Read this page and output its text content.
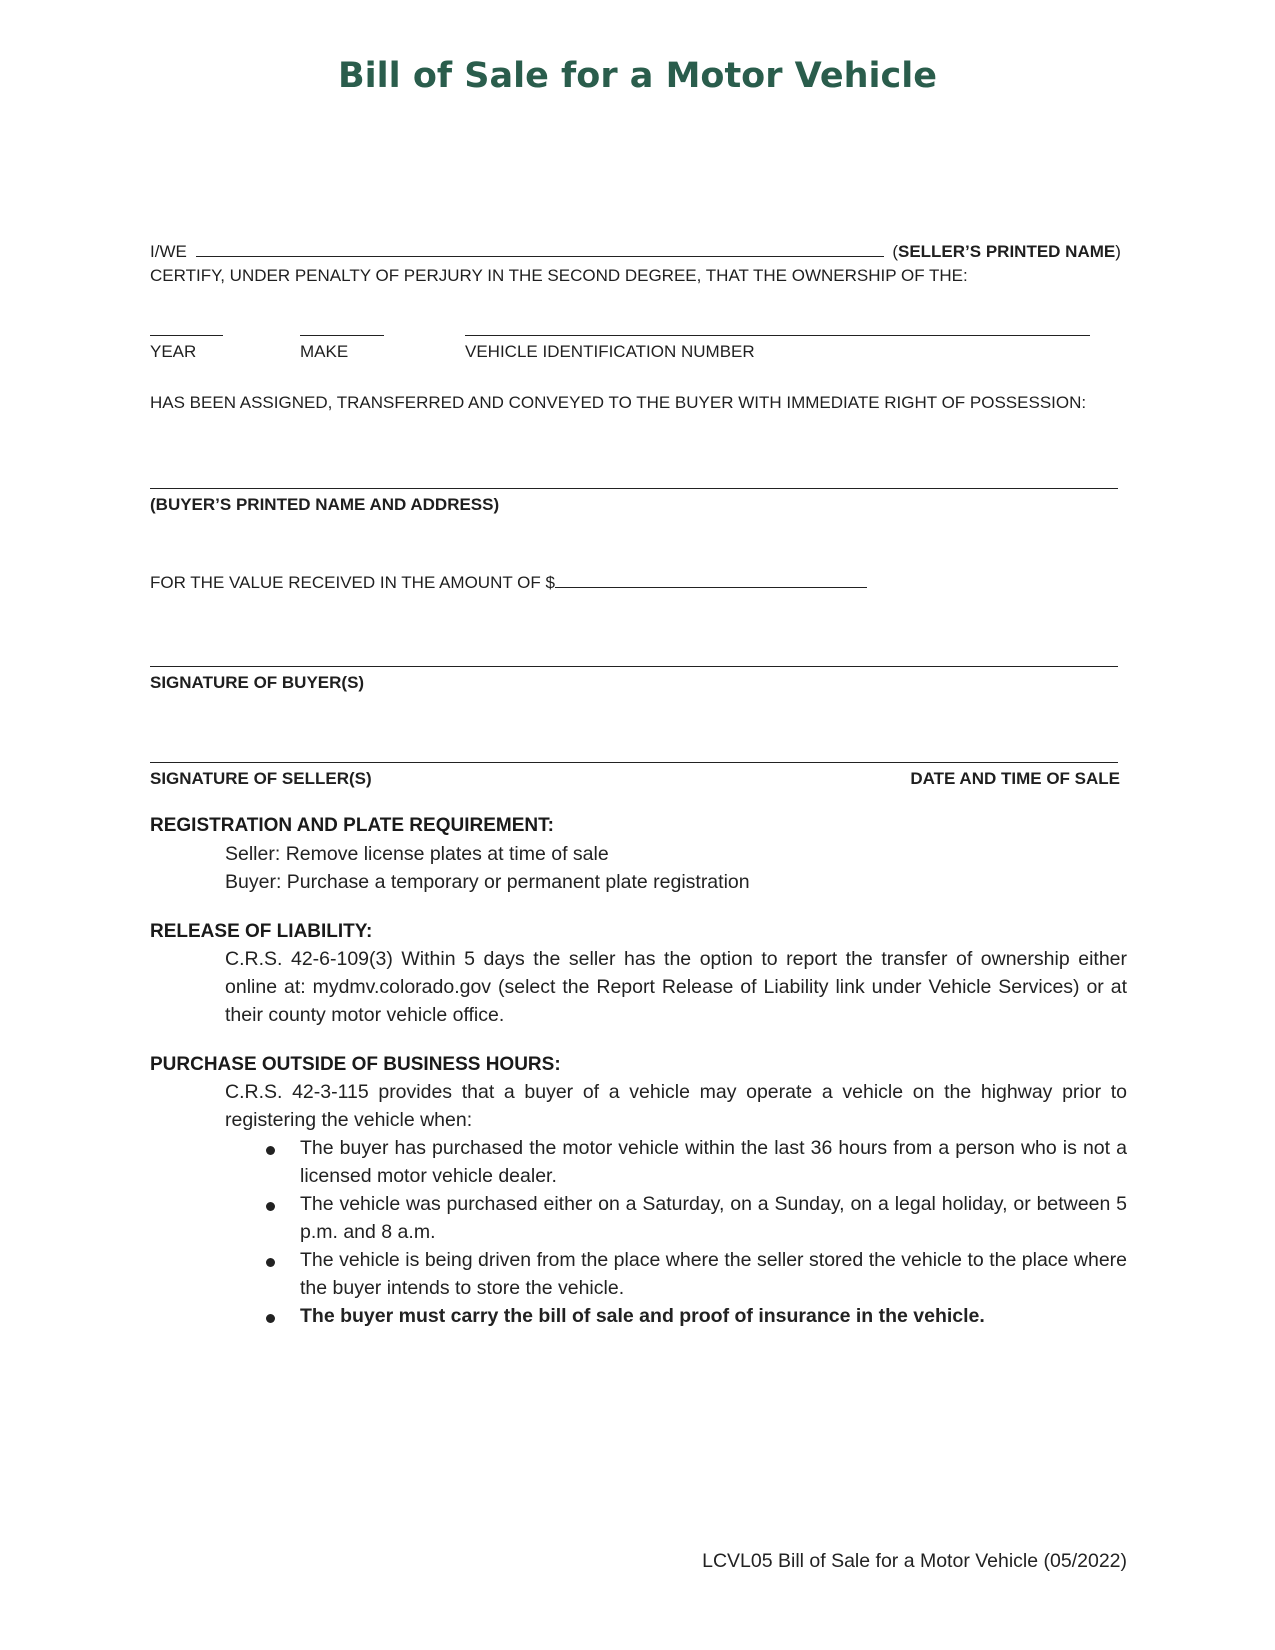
Bill of Sale for a Motor Vehicle
I/WE	(SELLER’S PRINTED NAME)
CERTIFY, UNDER PENALTY OF PERJURY IN THE SECOND DEGREE, THAT THE OWNERSHIP OF THE:
YEAR	MAKE	VEHICLE IDENTIFICATION NUMBER
HAS BEEN ASSIGNED, TRANSFERRED AND CONVEYED TO THE BUYER WITH IMMEDIATE RIGHT OF POSSESSION:
(BUYER’S PRINTED NAME AND ADDRESS)
FOR THE VALUE RECEIVED IN THE AMOUNT OF $
SIGNATURE OF BUYER(S)
SIGNATURE OF SELLER(S)	DATE AND TIME OF SALE
REGISTRATION AND PLATE REQUIREMENT:
Seller: Remove license plates at time of sale
Buyer: Purchase a temporary or permanent plate registration
RELEASE OF LIABILITY:
C.R.S. 42-6-109(3) Within 5 days the seller has the option to report the transfer of ownership either online at: mydmv.colorado.gov (select the Report Release of Liability link under Vehicle Services) or at their county motor vehicle office.
PURCHASE OUTSIDE OF BUSINESS HOURS:
C.R.S. 42-3-115 provides that a buyer of a vehicle may operate a vehicle on the highway prior to registering the vehicle when:
The buyer has purchased the motor vehicle within the last 36 hours from a person who is not a licensed motor vehicle dealer.
The vehicle was purchased either on a Saturday, on a Sunday, on a legal holiday, or between 5 p.m. and 8 a.m.
The vehicle is being driven from the place where the seller stored the vehicle to the place where the buyer intends to store the vehicle.
The buyer must carry the bill of sale and proof of insurance in the vehicle.
LCVL05 Bill of Sale for a Motor Vehicle (05/2022)
